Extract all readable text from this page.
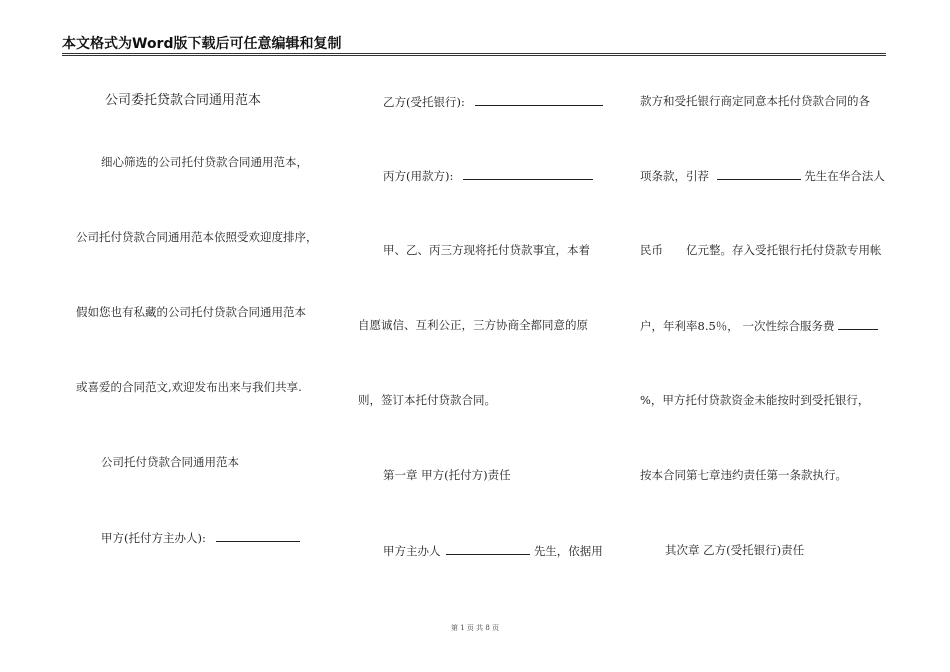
本文格式为Word版下载后可任意编辑和复制
公司委托贷款合同通用范本
细心筛选的公司托付贷款合同通用范本，
公司托付贷款合同通用范本依照受欢迎度排序，
假如您也有私藏的公司托付贷款合同通用范本
或喜爱的合同范文,欢迎发布出来与我们共享.
公司托付贷款合同通用范本
甲方(托付方主办人):
乙方(受托银行):
丙方(用款方):
甲、乙、丙三方现将托付贷款事宜，本着
自愿诚信、互利公正，三方协商全都同意的原
则，签订本托付贷款合同。
第一章 甲方(托付方)责任
甲方主办人	先生，依据用
款方和受托银行商定同意本托付贷款合同的各
项条款，引荐	先生在华合法人
民币　　亿元整。存入受托银行托付贷款专用帐
户，年利率8.5％， 一次性综合服务费
%，甲方托付贷款资金未能按时到受托银行，
按本合同第七章违约责任第一条款执行。
其次章 乙方(受托银行)责任
第 1 页 共 8 页
